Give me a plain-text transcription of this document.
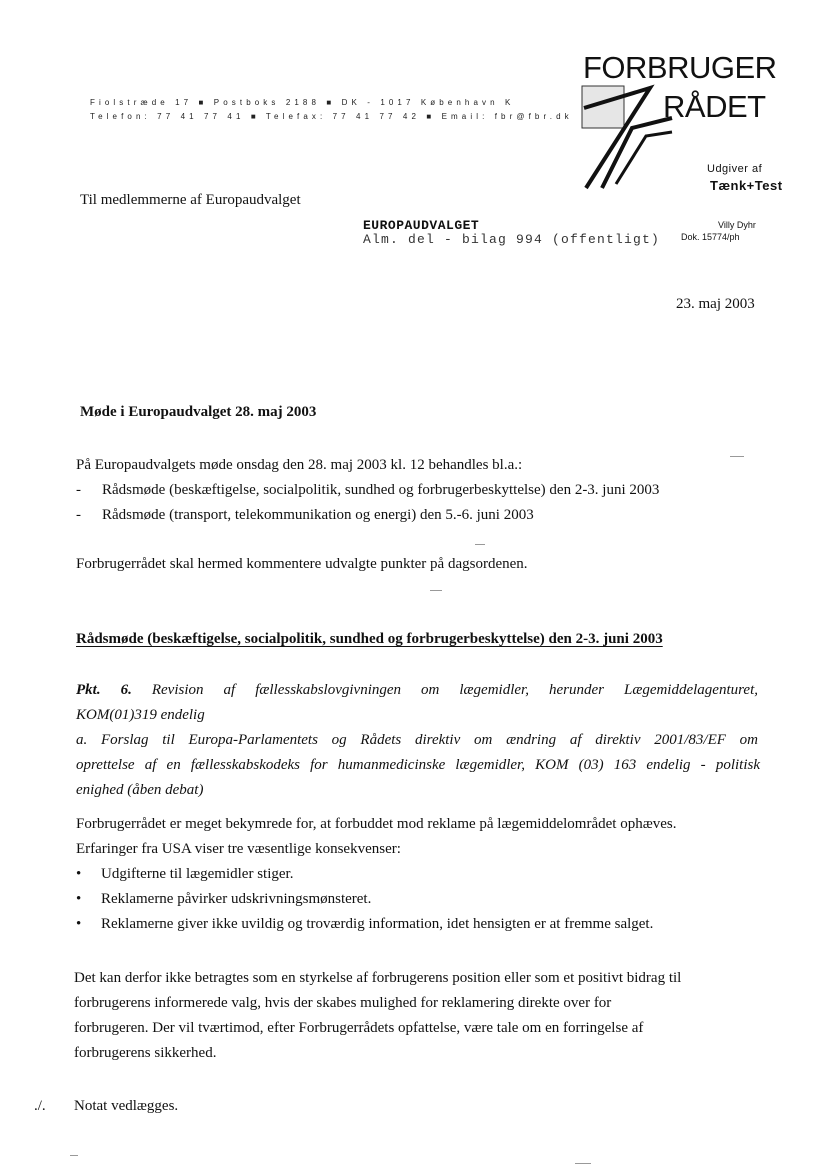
Fiolstræde 17 ■ Postboks 2188 ■ DK - 1017 København K
Telefon: 77 41 77 41 ■ Telefax: 77 41 77 42 ■ Email: fbr@fbr.dk
FORBRUGER
RÅDET
Udgiver af
Tænk+Test
Til medlemmerne af Europaudvalget
EUROPAUDVALGET
Alm. del - bilag 994 (offentligt)
Villy Dyhr
Dok. 15774/ph
23. maj 2003
Møde i Europaudvalget 28. maj 2003
På Europaudvalgets møde onsdag den 28. maj 2003 kl. 12 behandles bl.a.:
- Rådsmøde (beskæftigelse, socialpolitik, sundhed og forbrugerbeskyttelse) den 2-3. juni 2003
- Rådsmøde (transport, telekommunikation og energi) den 5.-6. juni 2003
Forbrugerrådet skal hermed kommentere udvalgte punkter på dagsordenen.
Rådsmøde (beskæftigelse, socialpolitik, sundhed og forbrugerbeskyttelse) den 2-3. juni 2003
Pkt. 6. Revision af fællesskabslovgivningen om lægemidler, herunder Lægemiddelagenturet,
KOM(01)319 endelig
a. Forslag til Europa-Parlamentets og Rådets direktiv om ændring af direktiv 2001/83/EF om
oprettelse af en fællesskabskodeks for humanmedicinske lægemidler, KOM (03) 163 endelig - politisk
enighed (åben debat)
Forbrugerrådet er meget bekymrede for, at forbuddet mod reklame på lægemiddelområdet ophæves.
Erfaringer fra USA viser tre væsentlige konsekvenser:
• Udgifterne til lægemidler stiger.
• Reklamerne påvirker udskrivningsmønsteret.
• Reklamerne giver ikke uvildig og troværdig information, idet hensigten er at fremme salget.
Det kan derfor ikke betragtes som en styrkelse af forbrugerens position eller som et positivt bidrag til
forbrugerens informerede valg, hvis der skabes mulighed for reklamering direkte over for
forbrugeren. Der vil tværtimod, efter Forbrugerrådets opfattelse, være tale om en forringelse af
forbrugerens sikkerhed.
./. Notat vedlægges.
